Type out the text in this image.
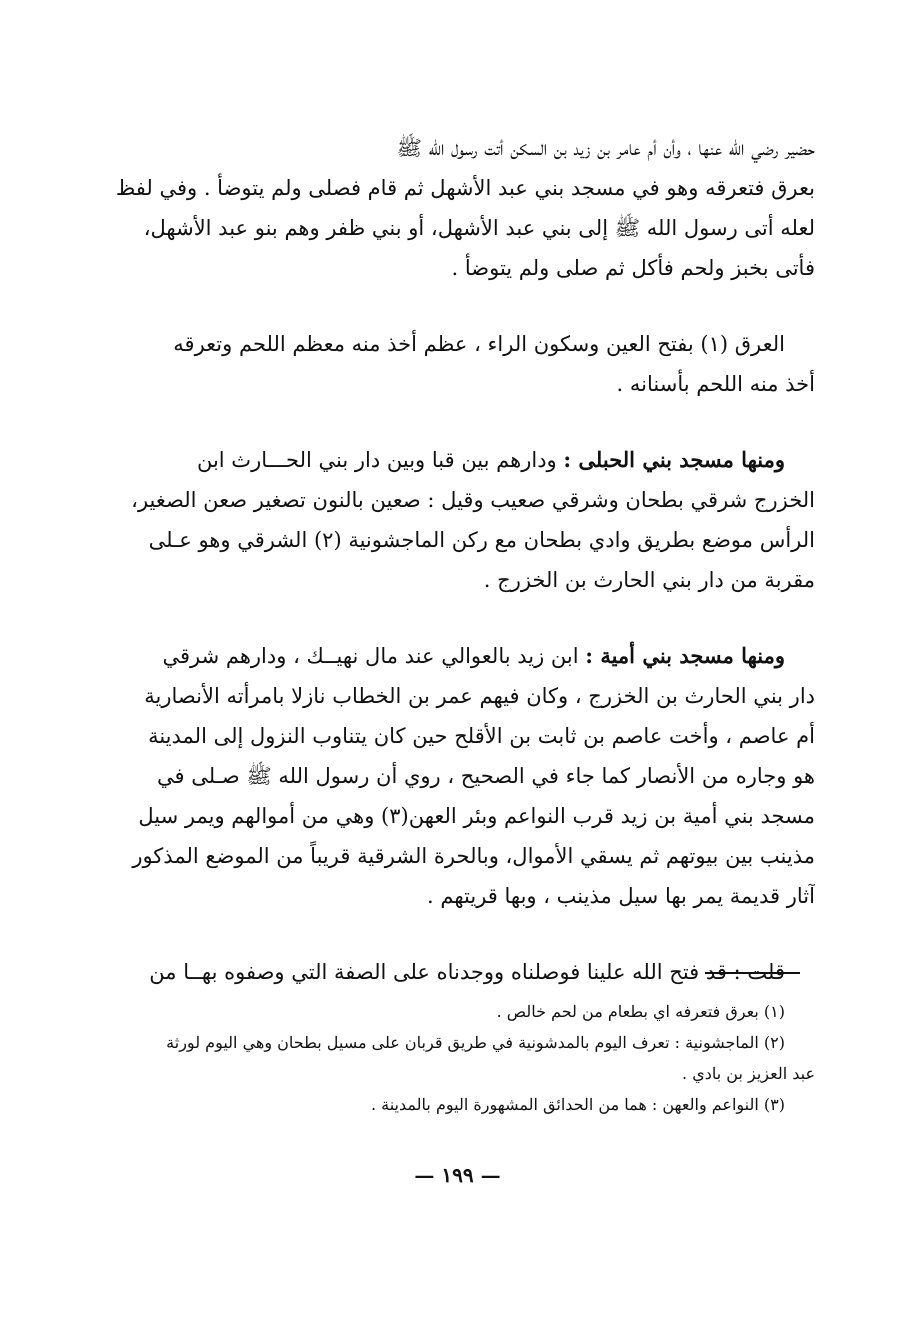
حضير رضي الله عنها ، وأن أم عامر بن زيد بن السكن أتت رسول الله ﷺ
بعرق فتعرقه وهو في مسجد بني عبد الأشهل ثم قام فصلى ولم يتوضأ . وفي لفظ
لعله أتى رسول الله ﷺ إلى بني عبد الأشهل، أو بني ظفر وهم بنو عبد الأشهل،
فأتى بخبز ولحم فأكل ثم صلى ولم يتوضأ .
العرق (١) بفتح العين وسكون الراء ، عظم أخذ منه معظم اللحم وتعرقه
أخذ منه اللحم بأسنانه .
ومنها مسجد بني الحبلى : ودارهم بين قبا وبين دار بني الحـــارث ابن
الخزرج شرقي بطحان وشرقي صعيب وقيل : صعين بالنون تصغير صعن الصغير،
الرأس موضع بطريق وادي بطحان مع ركن الماجشونية (٢) الشرقي وهو عـلى
مقربة من دار بني الحارث بن الخزرج .
ومنها مسجد بني أمية : ابن زيد بالعوالي عند مال نهيــك ، ودارهم شرقي
دار بني الحارث بن الخزرج ، وكان فيهم عمر بن الخطاب نازلا بامرأته الأنصارية
أم عاصم ، وأخت عاصم بن ثابت بن الأقلح حين كان يتناوب النزول إلى المدينة
هو وجاره من الأنصار كما جاء في الصحيح ، روي أن رسول الله ﷺ صـلى في
مسجد بني أمية بن زيد قرب النواعم وبئر العهن(٣) وهي من أموالهم ويمر سيل
مذينب بين بيوتهم ثم يسقي الأموال، وبالحرة الشرقية قريباً من الموضع المذكور
آثار قديمة يمر بها سيل مذينب ، وبها قريتهم .
قلت : قد فتح الله علينا فوصلناه ووجدناه على الصفة التي وصفوه بهــا من
(١) بعرق فتعرفه اي بطعام من لحم خالص .
(٢) الماجشونية : تعرف اليوم بالمدشونية في طريق قربان على مسيل بطحان وهي اليوم لورثة
عبد العزيز بن بادي .
(٣) النواعم والعهن : هما من الحدائق المشهورة اليوم بالمدينة .
— ١٩٩ —
